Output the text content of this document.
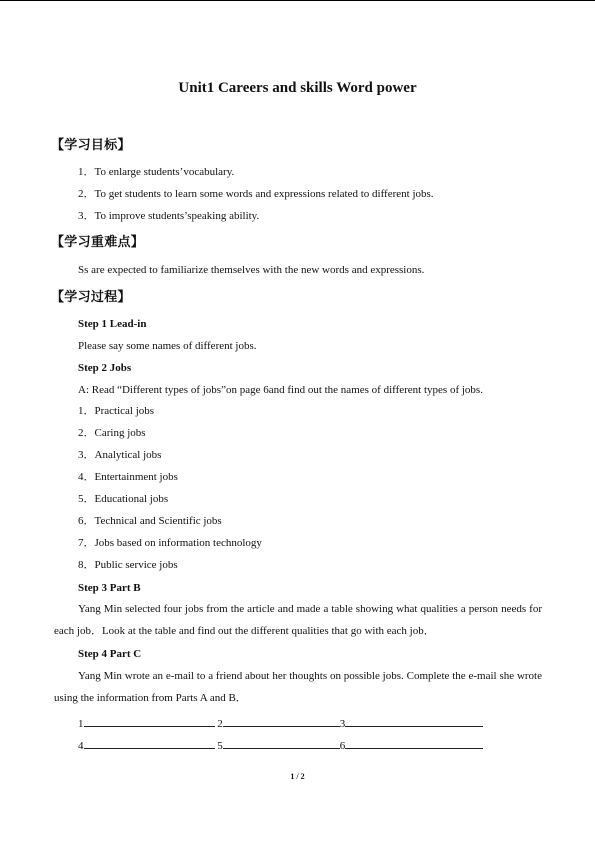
Unit1 Careers and skills Word power
【学习目标】
1．To enlarge students’vocabulary.
2．To get students to learn some words and expressions related to different jobs.
3．To improve students’speaking ability.
【学习重难点】
Ss are expected to familiarize themselves with the new words and expressions.
【学习过程】
Step 1 Lead-in
Please say some names of different jobs.
Step 2 Jobs
A: Read “Different types of jobs”on page 6and find out the names of different types of jobs.
1．Practical jobs
2．Caring jobs
3．Analytical jobs
4．Entertainment jobs
5．Educational jobs
6．Technical and Scientific jobs
7．Jobs based on information technology
8．Public service jobs
Step 3 Part B
Yang Min selected four jobs from the article and made a table showing what qualities a person needs for each job．Look at the table and find out the different qualities that go with each job．
Step 4 Part C
Yang Min wrote an e-mail to a friend about her thoughts on possible jobs. Complete the e-mail she wrote using the information from Parts A and B．
1	2	3
4	5	6
1 / 2
